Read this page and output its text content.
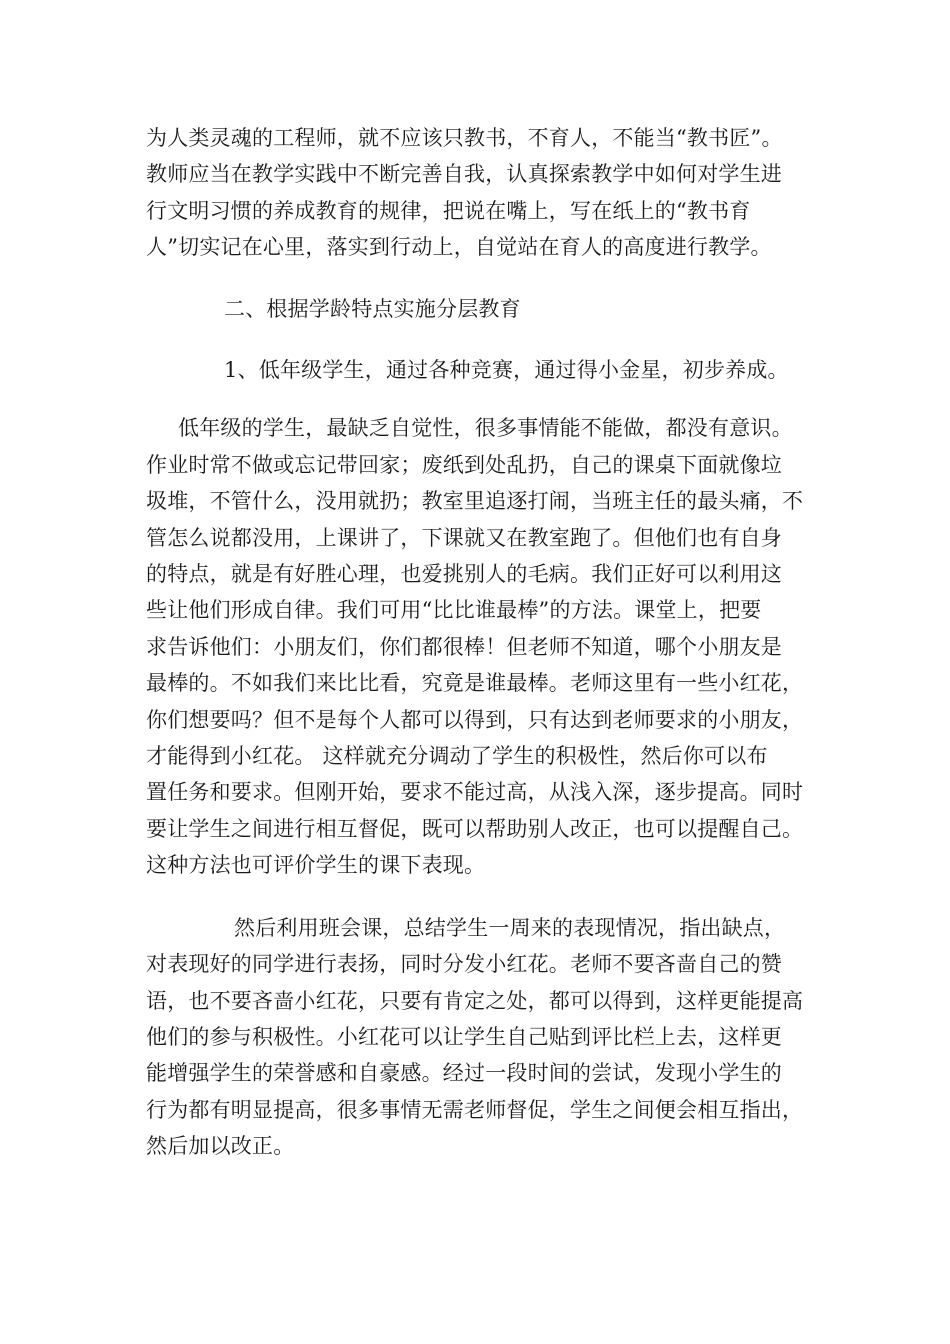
为人类灵魂的工程师，就不应该只教书，不育人，不能当“教书匠”。
教师应当在教学实践中不断完善自我，认真探索教学中如何对学生进
行文明习惯的养成教育的规律，把说在嘴上，写在纸上的“教书育
人”切实记在心里，落实到行动上，自觉站在育人的高度进行教学。
二、根据学龄特点实施分层教育
1、低年级学生，通过各种竞赛，通过得小金星，初步养成。
低年级的学生，最缺乏自觉性，很多事情能不能做，都没有意识。
作业时常不做或忘记带回家；废纸到处乱扔，自己的课桌下面就像垃
圾堆，不管什么，没用就扔；教室里追逐打闹，当班主任的最头痛，不
管怎么说都没用，上课讲了，下课就又在教室跑了。但他们也有自身
的特点，就是有好胜心理，也爱挑别人的毛病。我们正好可以利用这
些让他们形成自律。我们可用“比比谁最棒”的方法。课堂上，把要
求告诉他们：小朋友们，你们都很棒！但老师不知道，哪个小朋友是
最棒的。不如我们来比比看，究竟是谁最棒。老师这里有一些小红花，
你们想要吗？但不是每个人都可以得到，只有达到老师要求的小朋友，
才能得到小红花。 这样就充分调动了学生的积极性，然后你可以布
置任务和要求。但刚开始，要求不能过高，从浅入深，逐步提高。同时
要让学生之间进行相互督促，既可以帮助别人改正，也可以提醒自己。
这种方法也可评价学生的课下表现。
然后利用班会课，总结学生一周来的表现情况，指出缺点，
对表现好的同学进行表扬，同时分发小红花。老师不要吝啬自己的赞
语，也不要吝啬小红花，只要有肯定之处，都可以得到，这样更能提高
他们的参与积极性。小红花可以让学生自己贴到评比栏上去，这样更
能增强学生的荣誉感和自豪感。经过一段时间的尝试，发现小学生的
行为都有明显提高，很多事情无需老师督促，学生之间便会相互指出，
然后加以改正。
